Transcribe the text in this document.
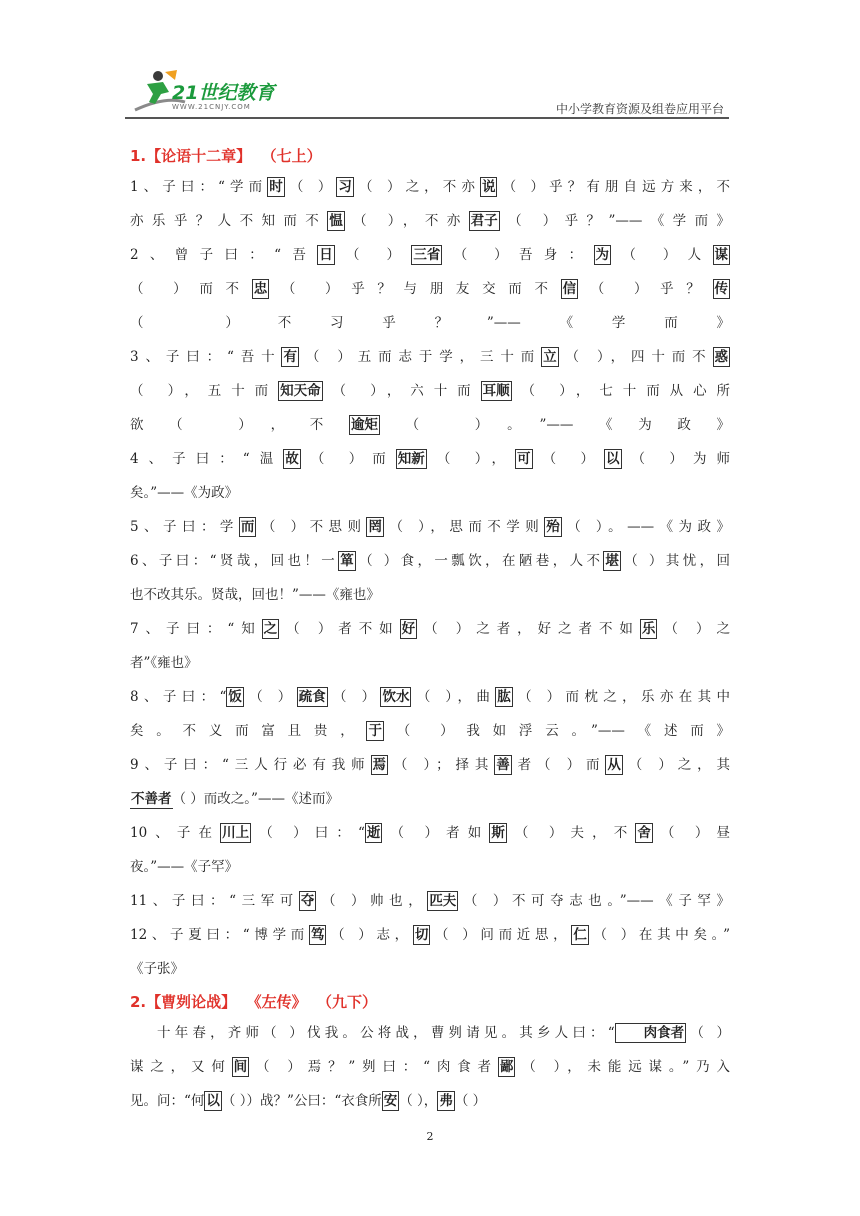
21世纪教育
WWW.21CNJY.COM	中小学教育资源及组卷应用平台
1.【论语十二章】  （七上）
1、子曰：“学而 时 （ ） 习 （ ）之，不亦 说 （ ）乎？有朋自远方来，不
亦乐乎？人不知而不 愠 （ ），不亦 君子 （ ）乎？”——《学而》
2、曾子曰：“吾 日 （ ） 三省 （ ）吾身： 为 （ ）人 谋
（ ）而不 忠 （ ）乎？与朋友交而不 信 （ ）乎？ 传
（ ）不习乎？”——《学而》
3、子曰：“吾十 有 （ ）五而志于学，三十而 立 （ ），四十而不 惑
（ ），五十而 知天命 （ ），六十而 耳顺 （ ），七十而从心所
欲（ ），不 逾矩 （ ）。”——《为政》
4、子曰：“温 故 （ ）而 知新 （ ）， 可 （ ） 以 （ ）为师
矣。”——《为政》
5、子曰：学 而 （ ）不思则 罔 （ ），思而不学则 殆 （ ）。——《为政》
6、子曰：“贤哉，回也！一 箪 （ ）食，一瓢饮，在陋巷，人不 堪 （ ）其忧，回
也不改其乐。贤哉，回也！”——《雍也》
7、子曰：“知 之 （ ）者不如 好 （ ）之者，好之者不如 乐 （ ）之
者”《雍也》
8、子曰：“ 饭 （ ） 疏食 （ ） 饮水 （ ），曲 肱 （ ）而枕之，乐亦在其中
矣。不义而富且贵， 于 （ ）我如浮云。”——《述而》
9、子曰：“三人行必有我师 焉 （ ）；择其 善 者（ ）而 从 （ ）之，其
不善者（ ）而改之。”——《述而》
10、子在 川上 （ ）曰：“ 逝 （ ）者如 斯 （ ）夫，不 舍 （ ）昼
夜。”——《子罕》
11、子曰：“三军可 夺 （ ）帅也， 匹夫 （ ）不可夺志也。”——《子罕》
12、子夏曰：“博学而 笃 （ ）志， 切 （ ）问而近思， 仁 （ ）在其中矣。”
《子张》
2.【曹刿论战】  《左传》  （九下）
十年春，齐师（ ）伐我。公将战，曹刿请见。其乡人曰：“ 肉食者 （ ）
谋之，又何 间 （ ）焉？”刿曰：“肉食者 鄙 （ ），未能远谋。”乃入
见。问：“何 以 （ ））战？”公曰：“衣食所 安 （ ）， 弗 （ ）
2
